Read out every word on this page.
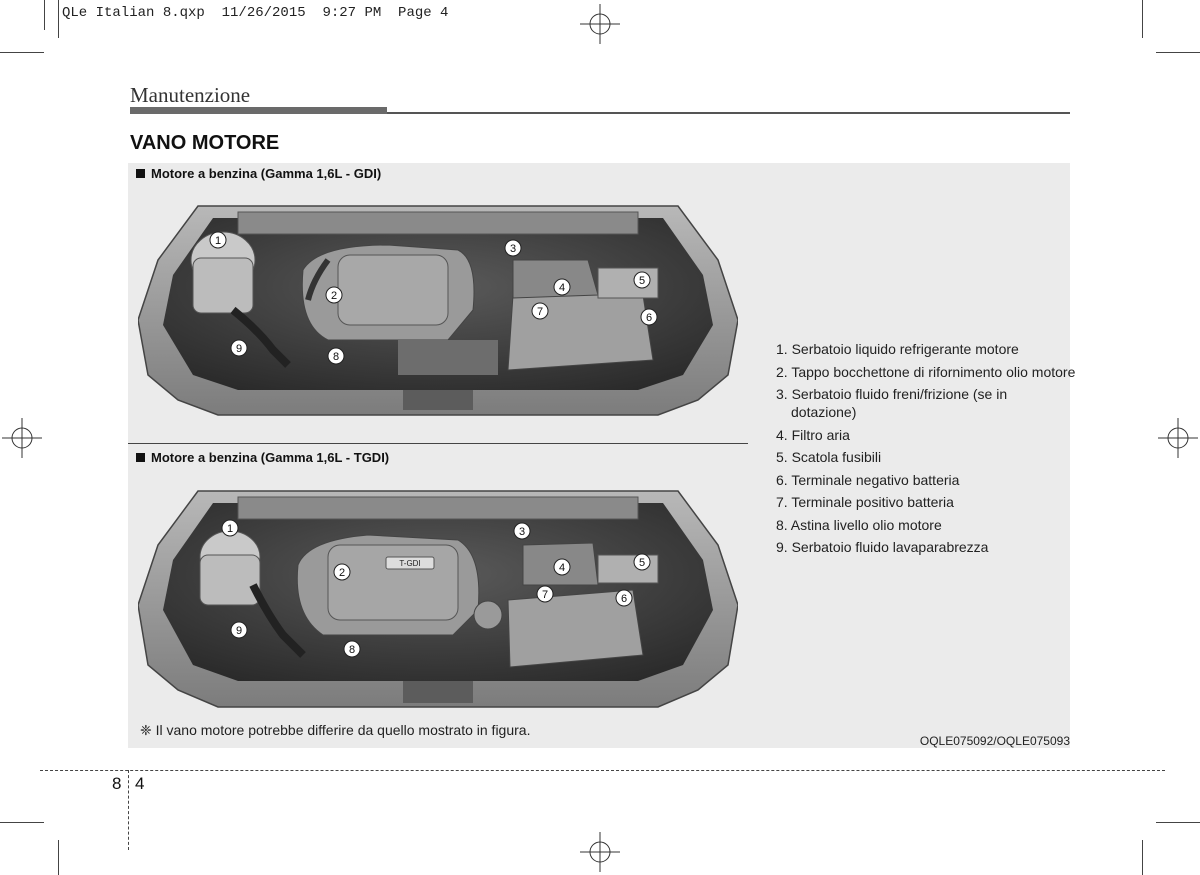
QLe Italian 8.qxp  11/26/2015  9:27 PM  Page 4
Manutenzione
VANO MOTORE
Motore a benzina (Gamma 1,6L - GDI)
1
2
3
4
5
6
7
8
9
Motore a benzina (Gamma 1,6L - TGDI)
T-GDI
1
2
3
4	5
6
7
8
9
1. Serbatoio liquido refrigerante motore
2. Tappo bocchettone di rifornimento olio motore
3. Serbatoio fluido freni/frizione (se in dotazione)
4. Filtro aria
5. Scatola fusibili
6. Terminale negativo batteria
7. Terminale positivo batteria
8. Astina livello olio motore
9. Serbatoio fluido lavaparabrezza
❈ Il vano motore potrebbe differire da quello mostrato in figura.
OQLE075092/OQLE075093
8 4
